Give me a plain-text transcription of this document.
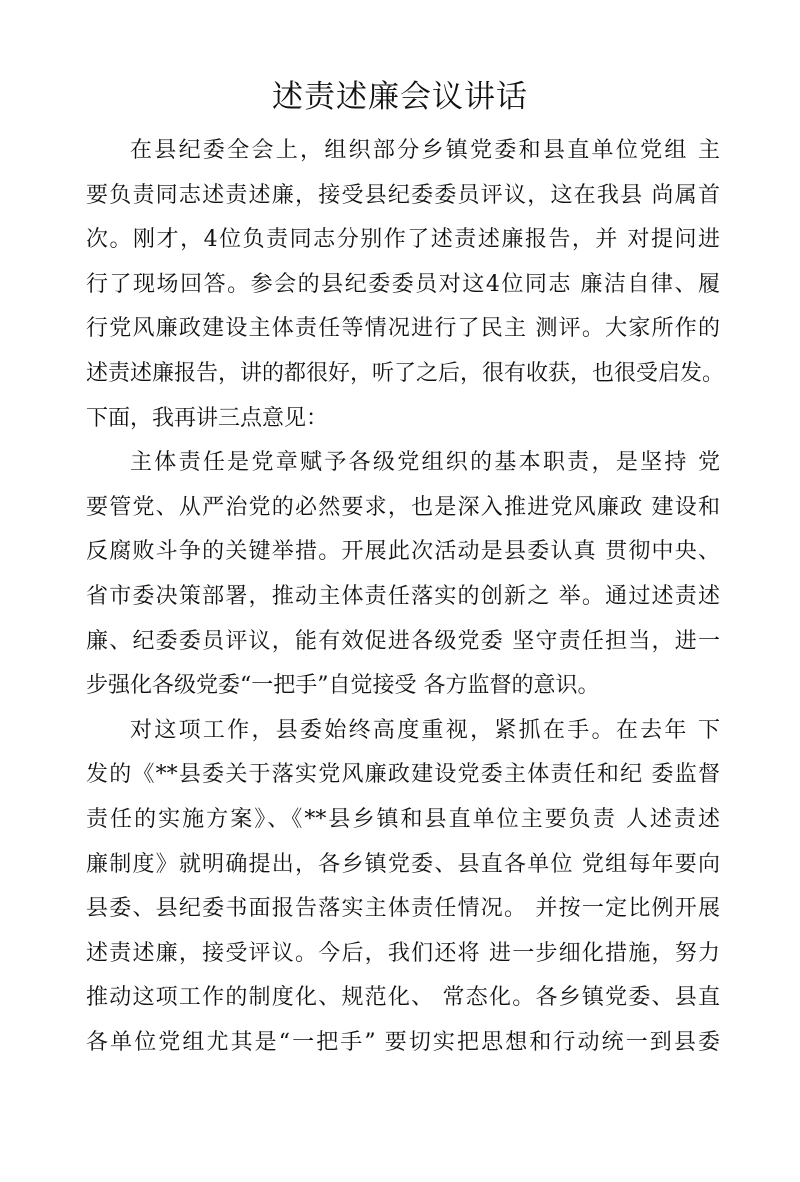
述责述廉会议讲话

在县纪委全会上，组织部分乡镇党委和县直单位党组 主
要负责同志述责述廉，接受县纪委委员评议，这在我县 尚属首
次。刚才，4位负责同志分别作了述责述廉报告，并 对提问进
行了现场回答。参会的县纪委委员对这4位同志 廉洁自律、履
行党风廉政建设主体责任等情况进行了民主 测评。大家所作的
述责述廉报告，讲的都很好，听了之后，很有收获，也很受启发。
下面，我再讲三点意见：

主体责任是党章赋予各级党组织的基本职责，是坚持 党
要管党、从严治党的必然要求，也是深入推进党风廉政 建设和
反腐败斗争的关键举措。开展此次活动是县委认真 贯彻中央、
省市委决策部署，推动主体责任落实的创新之 举。通过述责述
廉、纪委委员评议，能有效促进各级党委 坚守责任担当，进一
步强化各级党委“一把手”自觉接受 各方监督的意识。

对这项工作，县委始终高度重视，紧抓在手。在去年 下
发的《**县委关于落实党风廉政建设党委主体责任和纪 委监督
责任的实施方案》、《**县乡镇和县直单位主要负责 人述责述
廉制度》就明确提出，各乡镇党委、县直各单位 党组每年要向
县委、县纪委书面报告落实主体责任情况。 并按一定比例开展
述责述廉，接受评议。今后，我们还将 进一步细化措施，努力
推动这项工作的制度化、规范化、 常态化。各乡镇党委、县直
各单位党组尤其是“一把手” 要切实把思想和行动统一到县委
